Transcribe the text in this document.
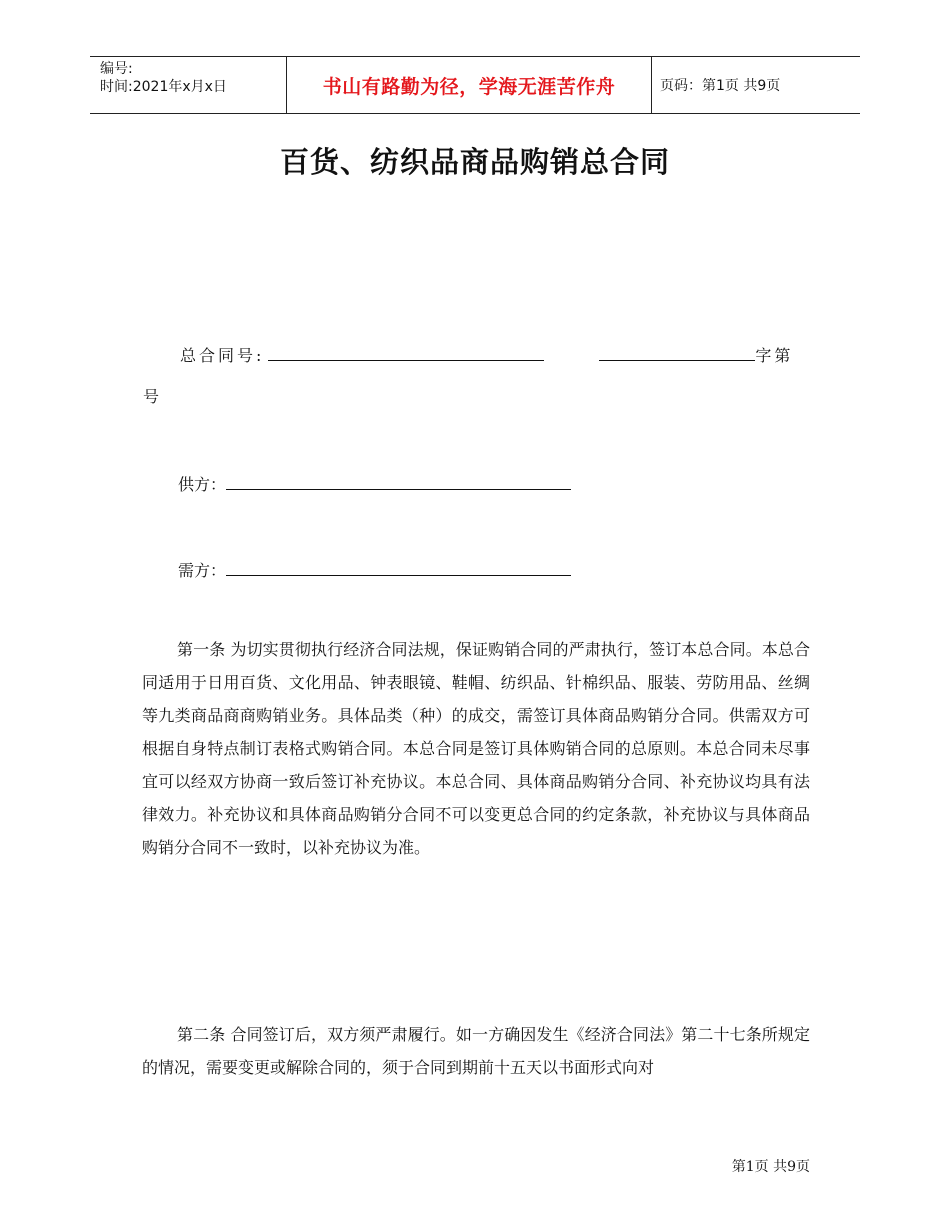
编号:
时间:2021年x月x日	书山有路勤为径，学海无涯苦作舟	页码：第1页 共9页
百货、纺织品商品购销总合同
总合同号:	字第
号
供方：
需方：

第一条 为切实贯彻执行经济合同法规，保证购销合同的严肃执行，签订本总合同。本总合同适用于日用百货、文化用品、钟表眼镜、鞋帽、纺织品、针棉织品、服装、劳防用品、丝绸等九类商品商商购销业务。具体品类（种）的成交，需签订具体商品购销分合同。供需双方可根据自身特点制订表格式购销合同。本总合同是签订具体购销合同的总原则。本总合同未尽事宜可以经双方协商一致后签订补充协议。本总合同、具体商品购销分合同、补充协议均具有法律效力。补充协议和具体商品购销分合同不可以变更总合同的约定条款，补充协议与具体商品购销分合同不一致时，以补充协议为准。

第二条 合同签订后，双方须严肃履行。如一方确因发生《经济合同法》第二十七条所规定的情况，需要变更或解除合同的，须于合同到期前十五天以书面形式向对

第1页 共9页
